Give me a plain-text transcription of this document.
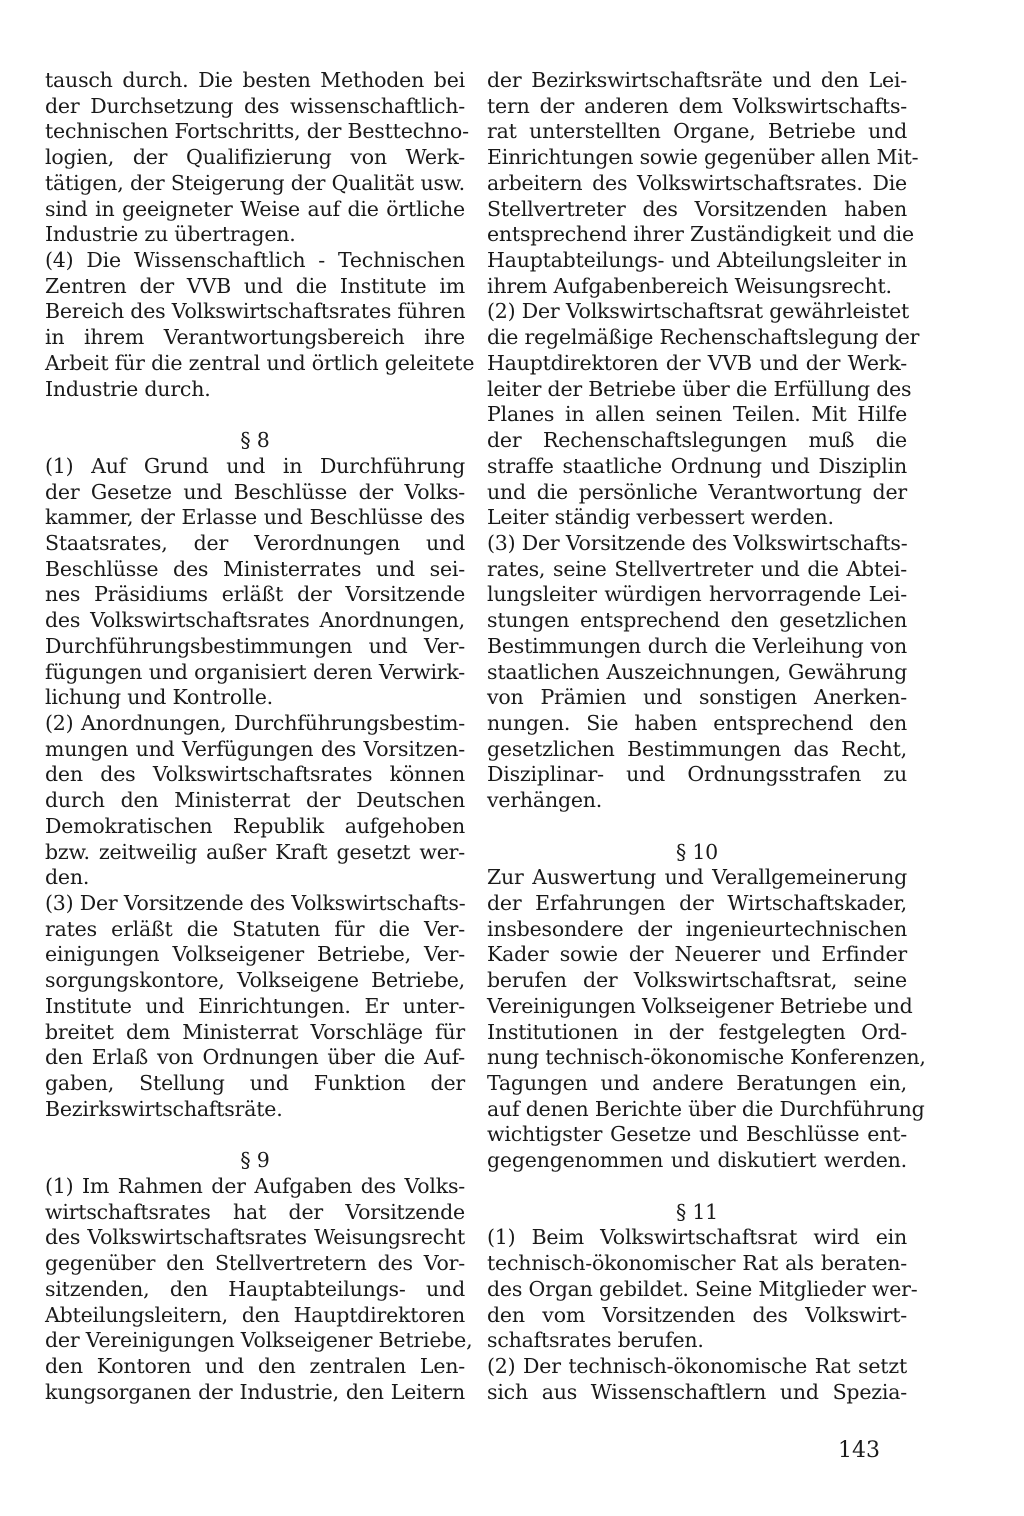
tausch durch. Die besten Methoden bei
der Durchsetzung des wissenschaftlich-
technischen Fortschritts, der Besttechno-
logien, der Qualifizierung von Werk-
tätigen, der Steigerung der Qualität usw.
sind in geeigneter Weise auf die örtliche
Industrie zu übertragen.
(4) Die Wissenschaftlich - Technischen
Zentren der VVB und die Institute im
Bereich des Volkswirtschaftsrates führen
in ihrem Verantwortungsbereich ihre
Arbeit für die zentral und örtlich geleitete
Industrie durch.
§ 8
(1) Auf Grund und in Durchführung
der Gesetze und Beschlüsse der Volks-
kammer, der Erlasse und Beschlüsse des
Staatsrates, der Verordnungen und
Beschlüsse des Ministerrates und sei-
nes Präsidiums erläßt der Vorsitzende
des Volkswirtschaftsrates Anordnungen,
Durchführungsbestimmungen und Ver-
fügungen und organisiert deren Verwirk-
lichung und Kontrolle.
(2) Anordnungen, Durchführungsbestim-
mungen und Verfügungen des Vorsitzen-
den des Volkswirtschaftsrates können
durch den Ministerrat der Deutschen
Demokratischen Republik aufgehoben
bzw. zeitweilig außer Kraft gesetzt wer-
den.
(3) Der Vorsitzende des Volkswirtschafts-
rates erläßt die Statuten für die Ver-
einigungen Volkseigener Betriebe, Ver-
sorgungskontore, Volkseigene Betriebe,
Institute und Einrichtungen. Er unter-
breitet dem Ministerrat Vorschläge für
den Erlaß von Ordnungen über die Auf-
gaben, Stellung und Funktion der
Bezirkswirtschaftsräte.
§ 9
(1) Im Rahmen der Aufgaben des Volks-
wirtschaftsrates hat der Vorsitzende
des Volkswirtschaftsrates Weisungsrecht
gegenüber den Stellvertretern des Vor-
sitzenden, den Hauptabteilungs- und
Abteilungsleitern, den Hauptdirektoren
der Vereinigungen Volkseigener Betriebe,
den Kontoren und den zentralen Len-
kungsorganen der Industrie, den Leitern
der Bezirkswirtschaftsräte und den Lei-
tern der anderen dem Volkswirtschafts-
rat unterstellten Organe, Betriebe und
Einrichtungen sowie gegenüber allen Mit-
arbeitern des Volkswirtschaftsrates. Die
Stellvertreter des Vorsitzenden haben
entsprechend ihrer Zuständigkeit und die
Hauptabteilungs- und Abteilungsleiter in
ihrem Aufgabenbereich Weisungsrecht.
(2) Der Volkswirtschaftsrat gewährleistet
die regelmäßige Rechenschaftslegung der
Hauptdirektoren der VVB und der Werk-
leiter der Betriebe über die Erfüllung des
Planes in allen seinen Teilen. Mit Hilfe
der Rechenschaftslegungen muß die
straffe staatliche Ordnung und Disziplin
und die persönliche Verantwortung der
Leiter ständig verbessert werden.
(3) Der Vorsitzende des Volkswirtschafts-
rates, seine Stellvertreter und die Abtei-
lungsleiter würdigen hervorragende Lei-
stungen entsprechend den gesetzlichen
Bestimmungen durch die Verleihung von
staatlichen Auszeichnungen, Gewährung
von Prämien und sonstigen Anerken-
nungen. Sie haben entsprechend den
gesetzlichen Bestimmungen das Recht,
Disziplinar- und Ordnungsstrafen zu
verhängen.
§ 10
Zur Auswertung und Verallgemeinerung
der Erfahrungen der Wirtschaftskader,
insbesondere der ingenieurtechnischen
Kader sowie der Neuerer und Erfinder
berufen der Volkswirtschaftsrat, seine
Vereinigungen Volkseigener Betriebe und
Institutionen in der festgelegten Ord-
nung technisch-ökonomische Konferenzen,
Tagungen und andere Beratungen ein,
auf denen Berichte über die Durchführung
wichtigster Gesetze und Beschlüsse ent-
gegengenommen und diskutiert werden.
§ 11
(1) Beim Volkswirtschaftsrat wird ein
technisch-ökonomischer Rat als beraten-
des Organ gebildet. Seine Mitglieder wer-
den vom Vorsitzenden des Volkswirt-
schaftsrates berufen.
(2) Der technisch-ökonomische Rat setzt
sich aus Wissenschaftlern und Spezia-
143
